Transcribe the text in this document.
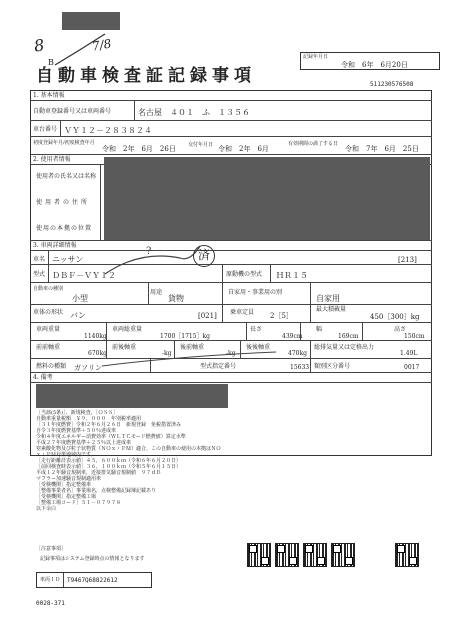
8	7/8
B
自動車検査証記録事項
記録年月日
令和　6年　6月20日
511230576508
1. 基本情報
自動車登録番号又は車両番号	名古屋　４０１　ふ　１３５６
車台番号 ＶＹ１２－２８３８２４
初度登録年月/初度検査年月
令和　2年　6月　26日 交付年月日 令和　2年　6月
有効期間の満了する日
令和　7年　6月　25日
2. 使用者情報
使用者の氏名又は名称
使用者の住所
使用の本拠の位置
3. 車両詳細情報
車名 ニッサン	[213]
?	済
型式 ＤＢＦ－ＶＹ１２	原動機の型式 ＨＲ１５
自動車の種別
小型
用途
貨物
自家用・事業用の別
自家用
車体の形状 バン	[021] 乗車定員 2［5］
最大積載量
450［300］kg
車両重量
1140kg
車両総重量
1700［1715］kg
長さ
439cm
幅
169cm
高さ
150cm
前前軸重
670kg
前後軸重
-kg
後前軸重
-kg
後後軸重
470kg
総排気量又は定格出力
1.49L
燃料の種類 ガソリン	型式指定番号	15633 類別区分番号	0017
4. 備考
［当該(5条)］、新規検査、［ＯＳＳ］
自動車重量税額　￥９，０００　年別税率適用
［３１年度燃費］令和２年６月２６日　新規登録　免税措置済み
自令３年度燃費基準＋５０％達成車
令和４年度エネルギー消費効率（ＷＬＴＣモード燃費値）算定水準
平成２７年度燃費基準＋２５％以上達成車
窒素酸化物及び粒子状物質（ＮＯｘ・ＰＭ）適合、この自動車の使用の本拠はＮＯ
ｘ・ＰＭ対策地域内です。
［走行距離計表示値］４５，６００ｋｍ（令和６年６月２０日）
［前回検査時表示値］３６，１００ｋｍ（令和５年６月１５日）
平成１２年騒音規制車，近接排気騒音規制値　９７ｄＢ
マフラー加速騒音規制適用車
［受検機関］指定整備車
［整備事業者名］事業場名，点検整備記録簿記載あり
［受検機関］指定整備工場
［整備工場コード］５１－０７９７８
以下余白
［注意事項］
記録事項はシステム登録時点の情報となります
車両ＩＤ T9467Q68822612
0028-371
